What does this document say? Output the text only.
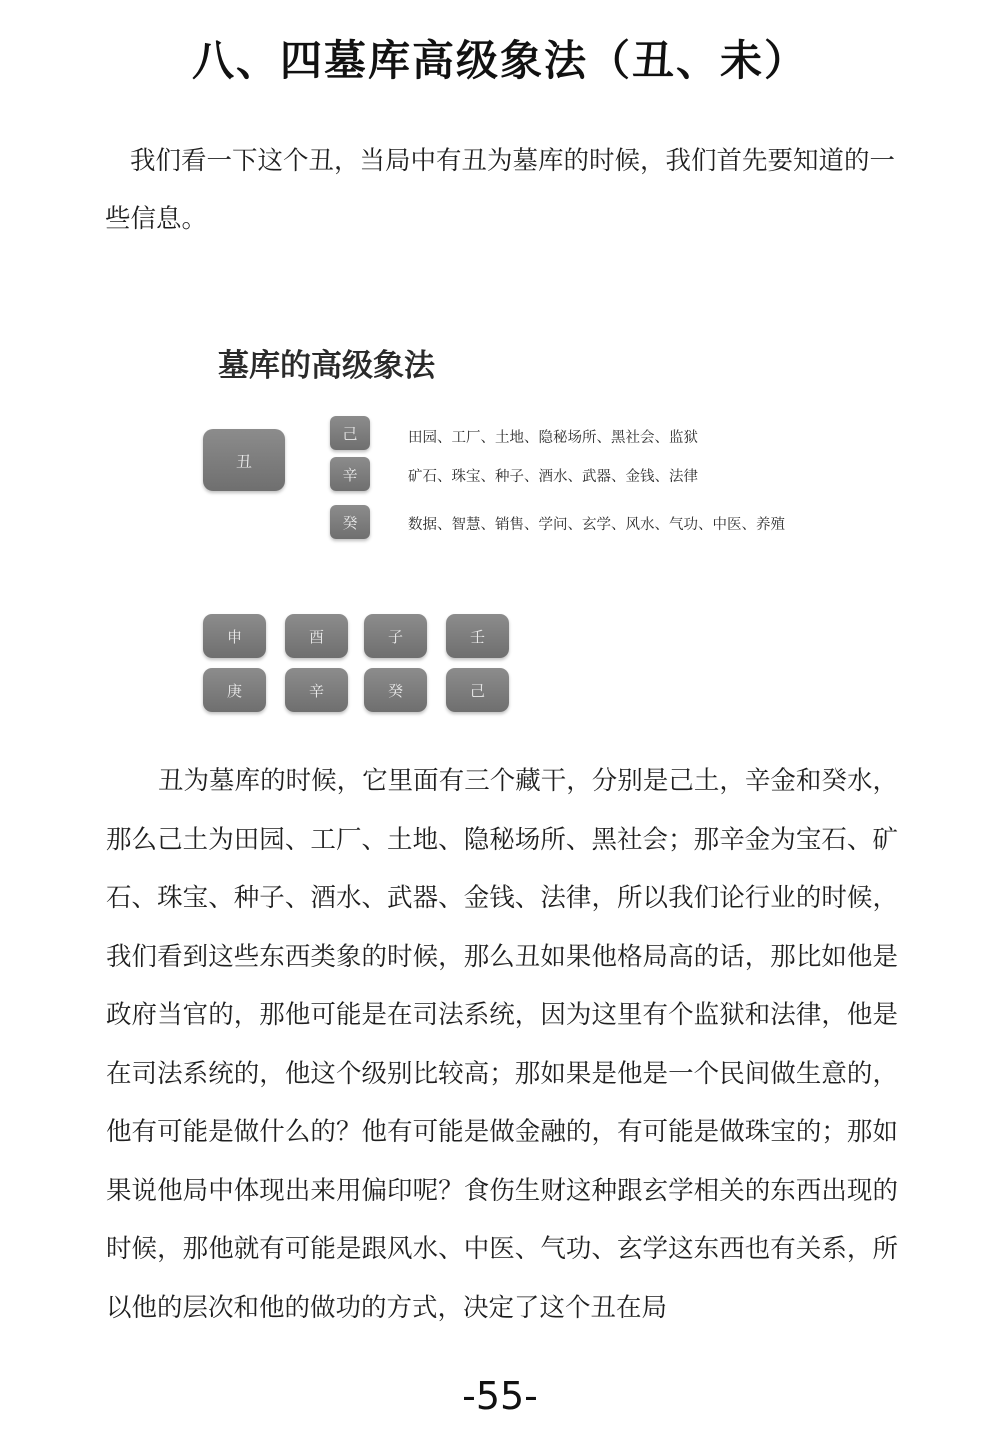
八、四墓库高级象法（丑、未）

我们看一下这个丑，当局中有丑为墓库的时候，我们首先要知道的一些信息。

墓库的高级象法
丑
己	田园、工厂、土地、隐秘场所、黑社会、监狱
辛	矿石、珠宝、种子、酒水、武器、金钱、法律
癸	数据、智慧、销售、学问、玄学、风水、气功、中医、养殖
申	酉	子	壬
庚	辛	癸	己

丑为墓库的时候，它里面有三个藏干，分别是己土，辛金和癸水，那么己土为田园、工厂、土地、隐秘场所、黑社会；那辛金为宝石、矿石、珠宝、种子、酒水、武器、金钱、法律，所以我们论行业的时候，我们看到这些东西类象的时候，那么丑如果他格局高的话，那比如他是政府当官的，那他可能是在司法系统，因为这里有个监狱和法律，他是在司法系统的，他这个级别比较高；那如果是他是一个民间做生意的，他有可能是做什么的？他有可能是做金融的，有可能是做珠宝的；那如果说他局中体现出来用偏印呢？食伤生财这种跟玄学相关的东西出现的时候，那他就有可能是跟风水、中医、气功、玄学这东西也有关系，所以他的层次和他的做功的方式，决定了这个丑在局

-55-
